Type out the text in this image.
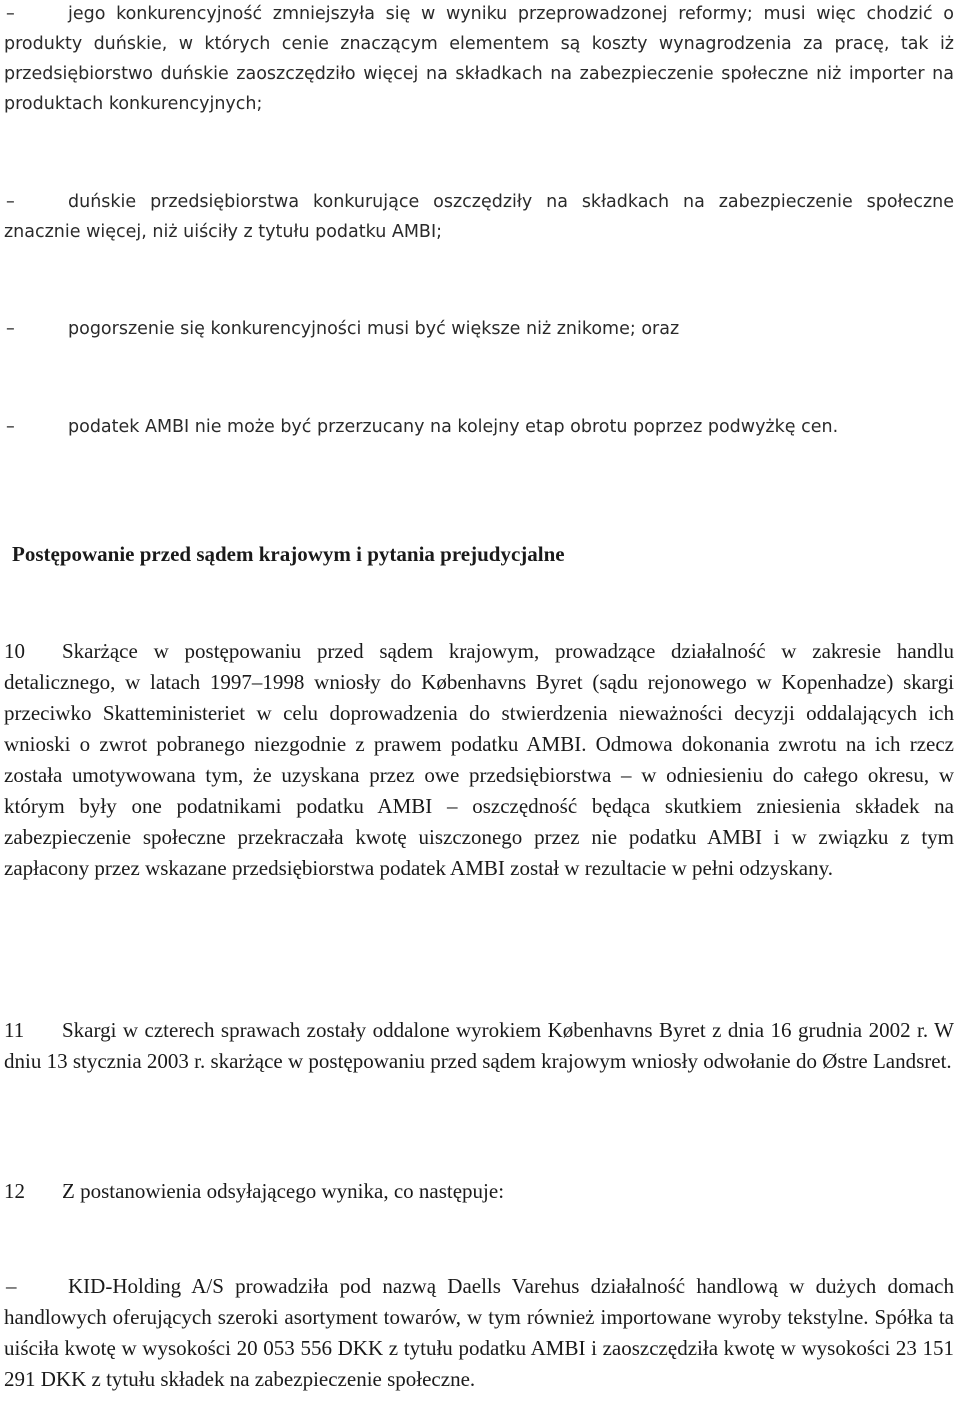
–	jego konkurencyjność zmniejszyła się w wyniku przeprowadzonej reformy; musi więc chodzić o produkty duńskie, w których cenie znaczącym elementem są koszty wynagrodzenia za pracę, tak iż przedsiębiorstwo duńskie zaoszczędziło więcej na składkach na zabezpieczenie społeczne niż importer na produktach konkurencyjnych;

–	duńskie przedsiębiorstwa konkurujące oszczędziły na składkach na zabezpieczenie społeczne znacznie więcej, niż uiściły z tytułu podatku AMBI;

–	pogorszenie się konkurencyjności musi być większe niż znikome; oraz

–	podatek AMBI nie może być przerzucany na kolejny etap obrotu poprzez podwyżkę cen.

Postępowanie przed sądem krajowym i pytania prejudycjalne

10 Skarżące w postępowaniu przed sądem krajowym, prowadzące działalność w zakresie handlu detalicznego, w latach 1997–1998 wniosły do Københavns Byret (sądu rejonowego w Kopenhadze) skargi przeciwko Skatteministeriet w celu doprowadzenia do stwierdzenia nieważności decyzji oddalających ich wnioski o zwrot pobranego niezgodnie z prawem podatku AMBI. Odmowa dokonania zwrotu na ich rzecz została umotywowana tym, że uzyskana przez owe przedsiębiorstwa – w odniesieniu do całego okresu, w którym były one podatnikami podatku AMBI – oszczędność będąca skutkiem zniesienia składek na zabezpieczenie społeczne przekraczała kwotę uiszczonego przez nie podatku AMBI i w związku z tym zapłacony przez wskazane przedsiębiorstwa podatek AMBI został w rezultacie w pełni odzyskany.

11 Skargi w czterech sprawach zostały oddalone wyrokiem Københavns Byret z dnia 16 grudnia 2002 r. W dniu 13 stycznia 2003 r. skarżące w postępowaniu przed sądem krajowym wniosły odwołanie do Østre Landsret.

12 Z postanowienia odsyłającego wynika, co następuje:

– KID-Holding A/S prowadziła pod nazwą Daells Varehus działalność handlową w dużych domach handlowych oferujących szeroki asortyment towarów, w tym również importowane wyroby tekstylne. Spółka ta uiściła kwotę w wysokości 20 053 556 DKK z tytułu podatku AMBI i zaoszczędziła kwotę w wysokości 23 151 291 DKK z tytułu składek na zabezpieczenie społeczne.
